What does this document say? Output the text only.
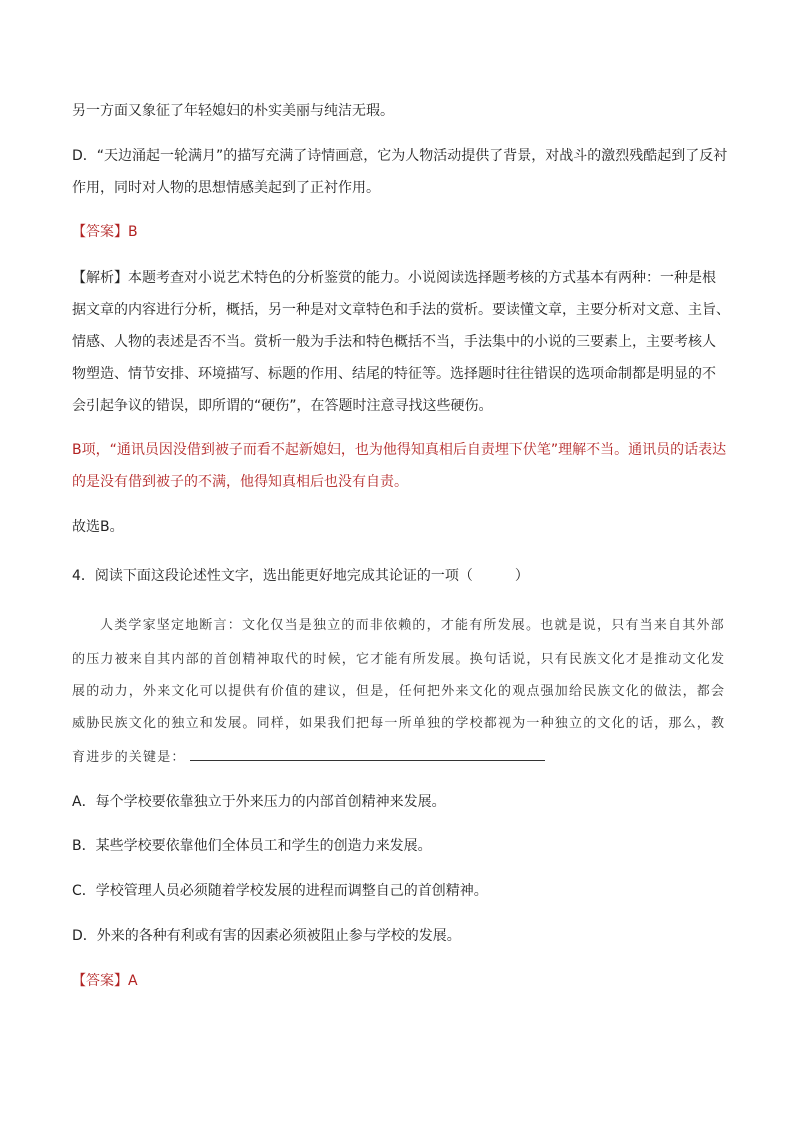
另一方面又象征了年轻媳妇的朴实美丽与纯洁无瑕。
D．“天边涌起一轮满月”的描写充满了诗情画意，它为人物活动提供了背景，对战斗的激烈残酷起到了反衬
作用，同时对人物的思想情感美起到了正衬作用。
【答案】B
【解析】本题考查对小说艺术特色的分析鉴赏的能力。小说阅读选择题考核的方式基本有两种：一种是根
据文章的内容进行分析，概括，另一种是对文章特色和手法的赏析。要读懂文章，主要分析对文意、主旨、
情感、人物的表述是否不当。赏析一般为手法和特色概括不当，手法集中的小说的三要素上，主要考核人
物塑造、情节安排、环境描写、标题的作用、结尾的特征等。选择题时往往错误的选项命制都是明显的不
会引起争议的错误，即所谓的“硬伤”，在答题时注意寻找这些硬伤。
B项，“通讯员因没借到被子而看不起新媳妇，也为他得知真相后自责埋下伏笔”理解不当。通讯员的话表达
的是没有借到被子的不满，他得知真相后也没有自责。
故选B。
4．阅读下面这段论述性文字，选出能更好地完成其论证的一项（　　　）
人类学家坚定地断言：文化仅当是独立的而非依赖的，才能有所发展。也就是说，只有当来自其外部
的压力被来自其内部的首创精神取代的时候，它才能有所发展。换句话说，只有民族文化才是推动文化发
展的动力，外来文化可以提供有价值的建议，但是，任何把外来文化的观点强加给民族文化的做法，都会
威胁民族文化的独立和发展。同样，如果我们把每一所单独的学校都视为一种独立的文化的话，那么，教
育进步的关键是：
A．每个学校要依靠独立于外来压力的内部首创精神来发展。
B．某些学校要依靠他们全体员工和学生的创造力来发展。
C．学校管理人员必须随着学校发展的进程而调整自己的首创精神。
D．外来的各种有利或有害的因素必须被阻止参与学校的发展。
【答案】A
